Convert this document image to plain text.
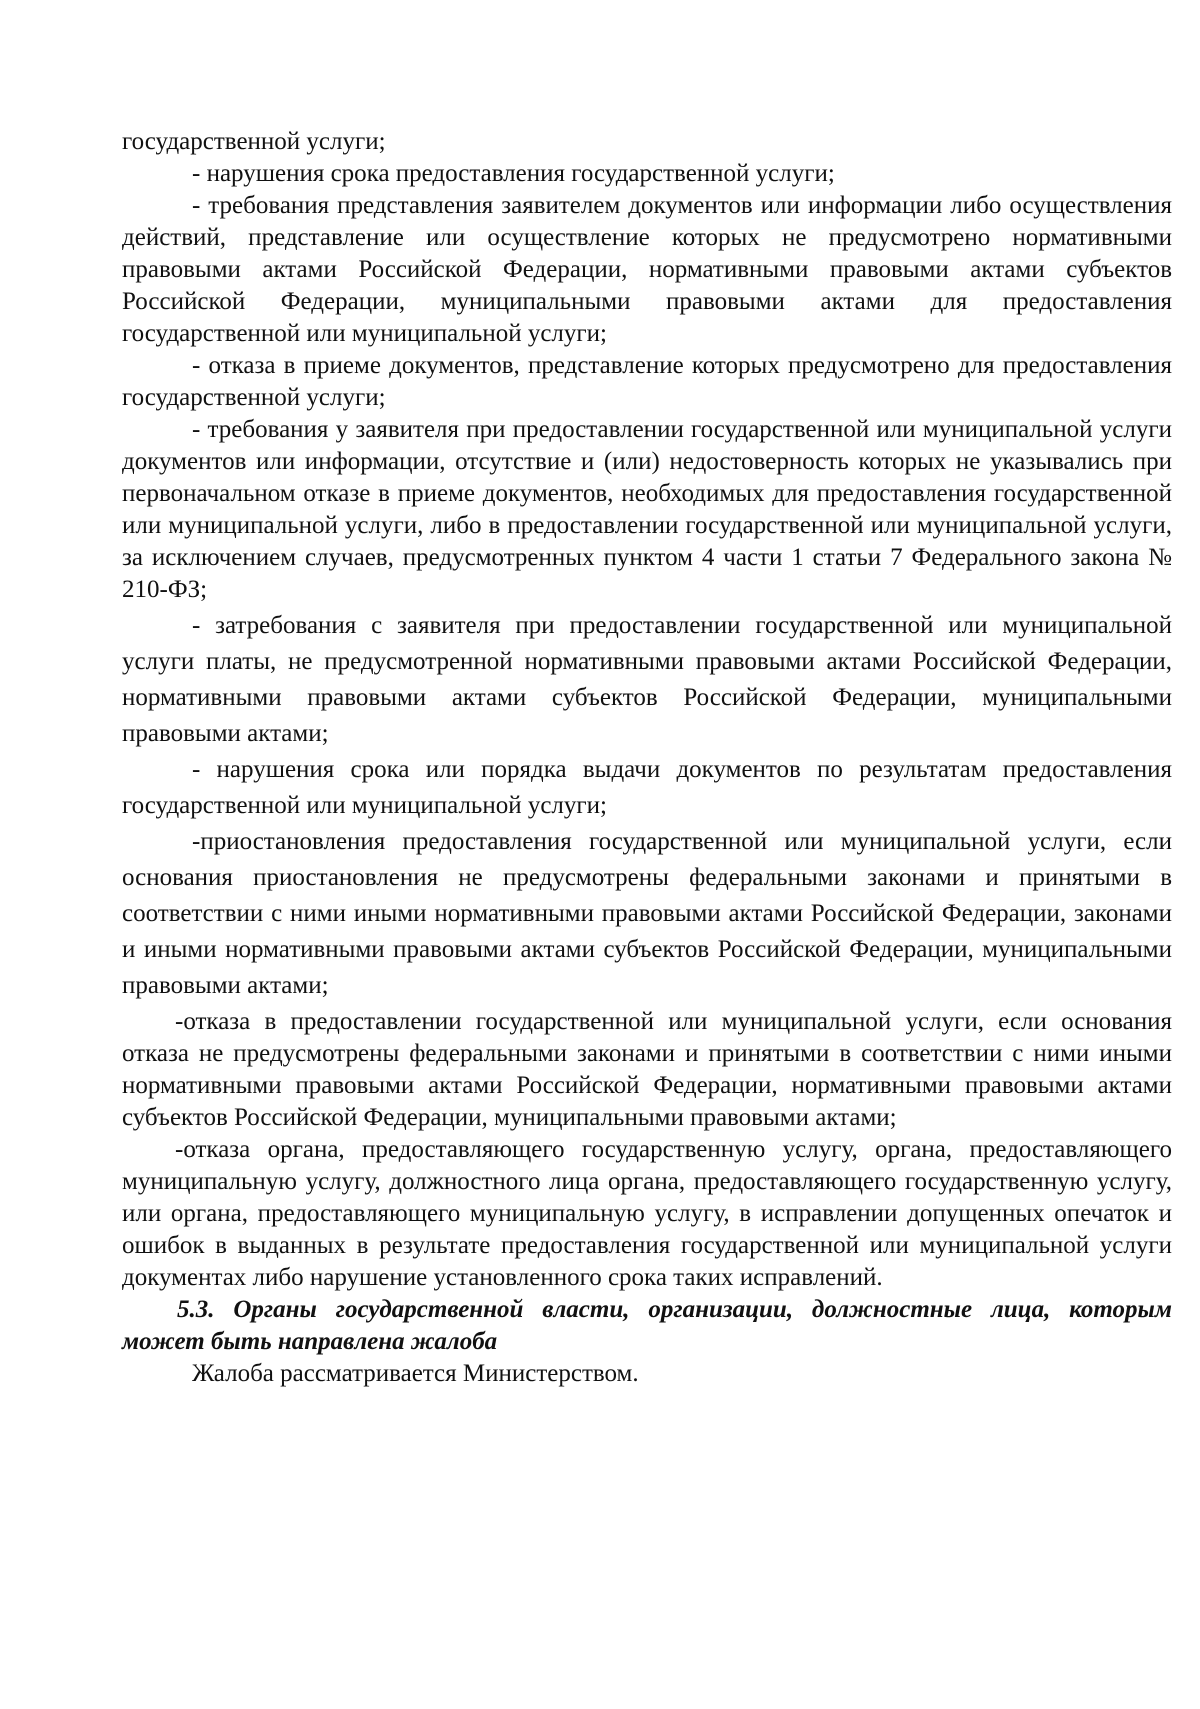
государственной услуги;

- нарушения срока предоставления государственной услуги;

- требования представления заявителем документов или информации либо осуществления действий, представление или осуществление которых не предусмотрено нормативными правовыми актами Российской Федерации, нормативными правовыми актами субъектов Российской Федерации, муниципальными правовыми актами для предоставления государственной или муниципальной услуги;

- отказа в приеме документов, представление которых предусмотрено для предоставления государственной услуги;

- требования у заявителя при предоставлении государственной или муниципальной услуги документов или информации, отсутствие и (или) недостоверность которых не указывались при первоначальном отказе в приеме документов, необходимых для предоставления государственной или муниципальной услуги, либо в предоставлении государственной или муниципальной услуги, за исключением случаев, предусмотренных пунктом 4 части 1 статьи 7 Федерального закона № 210-ФЗ;

- затребования с заявителя при предоставлении государственной или муниципальной услуги платы, не предусмотренной нормативными правовыми актами Российской Федерации, нормативными правовыми актами субъектов Российской Федерации, муниципальными правовыми актами;

- нарушения срока или порядка выдачи документов по результатам предоставления государственной или муниципальной услуги;

-приостановления предоставления государственной или муниципальной услуги, если основания приостановления не предусмотрены федеральными законами и принятыми в соответствии с ними иными нормативными правовыми актами Российской Федерации, законами и иными нормативными правовыми актами субъектов Российской Федерации, муниципальными правовыми актами;

-отказа в предоставлении государственной или муниципальной услуги, если основания отказа не предусмотрены федеральными законами и принятыми в соответствии с ними иными нормативными правовыми актами Российской Федерации, нормативными правовыми актами субъектов Российской Федерации, муниципальными правовыми актами;

-отказа органа, предоставляющего государственную услугу, органа, предоставляющего муниципальную услугу, должностного лица органа, предоставляющего государственную услугу, или органа, предоставляющего муниципальную услугу, в исправлении допущенных опечаток и ошибок в выданных в результате предоставления государственной или муниципальной услуги документах либо нарушение установленного срока таких исправлений.

5.3. Органы государственной власти, организации, должностные лица, которым может быть направлена жалоба

Жалоба рассматривается Министерством.
